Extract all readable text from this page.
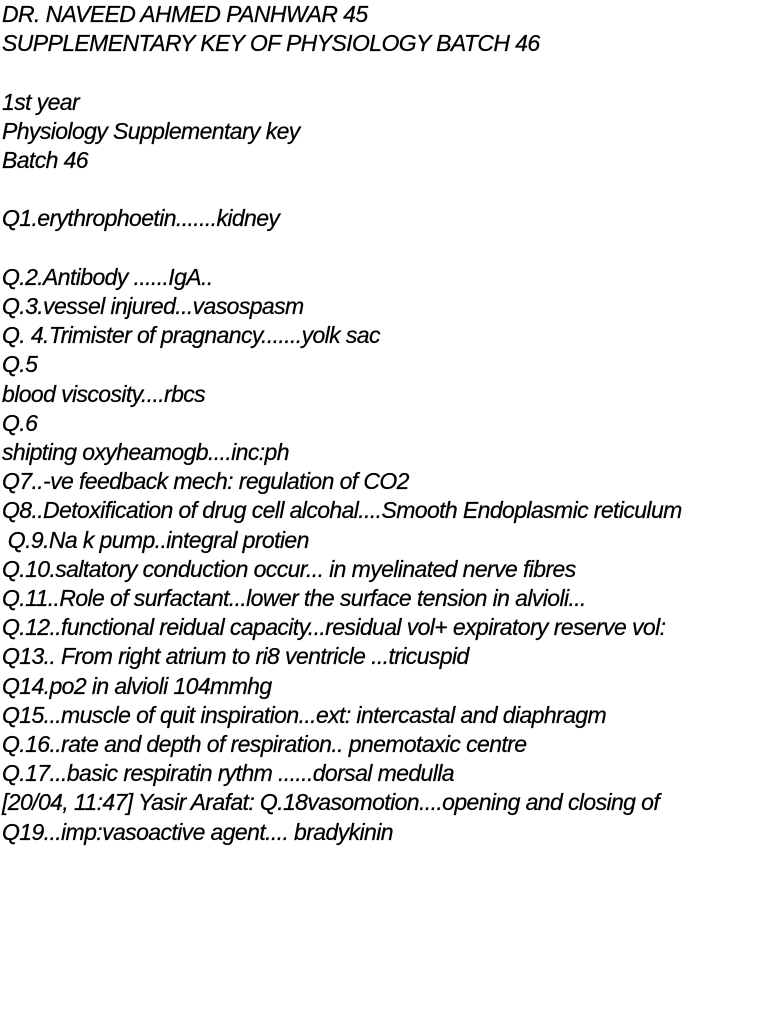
DR. NAVEED AHMED PANHWAR 45
SUPPLEMENTARY KEY OF PHYSIOLOGY BATCH 46
1st year
Physiology Supplementary key
Batch 46
Q1.erythrophoetin.......kidney
Q.2.Antibody ......IgA..
Q.3.vessel injured...vasospasm
Q. 4.Trimister of pragnancy.......yolk sac
Q.5
blood viscosity....rbcs
Q.6
shipting oxyheamogb....inc:ph
Q7..-ve feedback mech: regulation of CO2
Q8..Detoxification of drug cell alcohal....Smooth Endoplasmic reticulum
Q.9.Na k pump..integral protien
Q.10.saltatory conduction occur... in myelinated nerve fibres
Q.11..Role of surfactant...lower the surface tension in alvioli...
Q.12..functional reidual capacity...residual vol+ expiratory reserve vol:
Q13.. From right atrium to ri8 ventricle ...tricuspid
Q14.po2 in alvioli 104mmhg
Q15...muscle of quit inspiration...ext: intercastal and diaphragm
Q.16..rate and depth of respiration.. pnemotaxic centre
Q.17...basic respiratin rythm ......dorsal medulla
[20/04, 11:47] Yasir Arafat: Q.18vasomotion....opening and closing of
Q19...imp:vasoactive agent.... bradykinin
